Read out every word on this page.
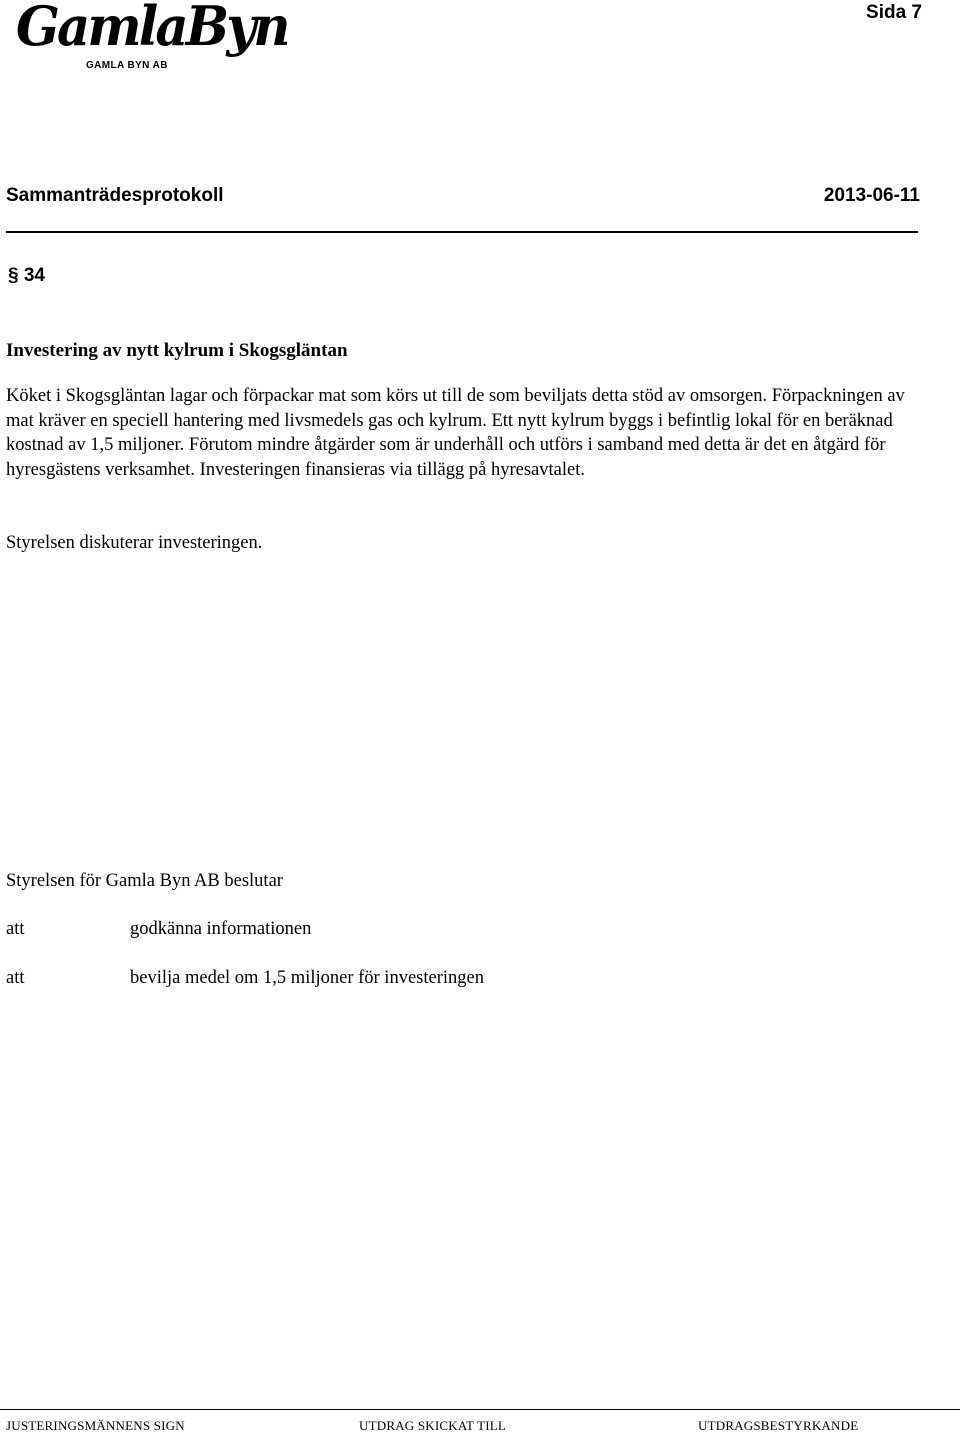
GamlaByn
GAMLA BYN AB
Sida 7
Sammanträdesprotokoll	2013-06-11
§ 34
Investering av nytt kylrum i Skogsgläntan

Köket i Skogsgläntan lagar och förpackar mat som körs ut till de som beviljats detta stöd av omsorgen. Förpackningen av mat kräver en speciell hantering med livsmedels gas och kylrum. Ett nytt kylrum byggs i befintlig lokal för en beräknad kostnad av 1,5 miljoner. Förutom mindre åtgärder som är underhåll och utförs i samband med detta är det en åtgärd för hyresgästens verksamhet. Investeringen finansieras via tillägg på hyresavtalet.

Styrelsen diskuterar investeringen.
Styrelsen för Gamla Byn AB beslutar
att	godkänna informationen
att	bevilja medel om 1,5 miljoner för investeringen
JUSTERINGSMÄNNENS SIGN	UTDRAG SKICKAT TILL	UTDRAGSBESTYRKANDE
